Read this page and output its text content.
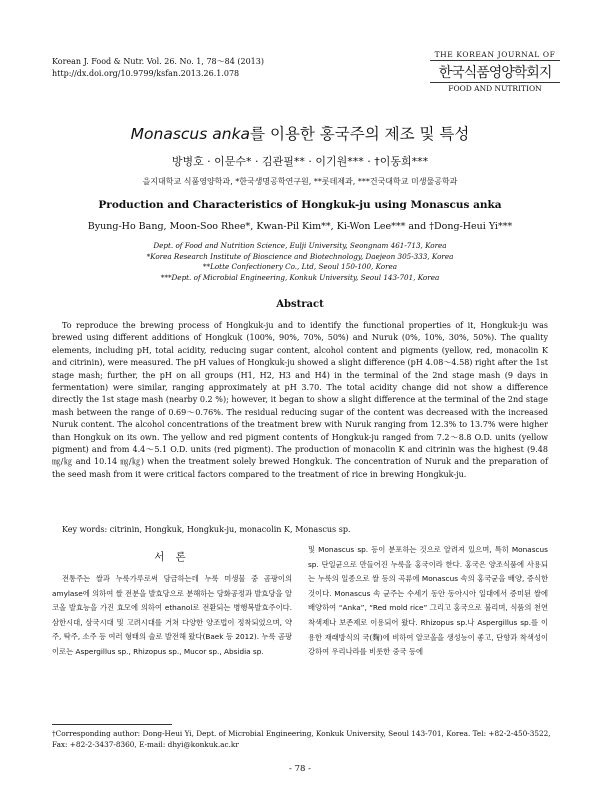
Korean J. Food & Nutr. Vol. 26. No. 1, 78～84 (2013)
http://dx.doi.org/10.9799/ksfan.2013.26.1.078
THE KOREAN JOURNAL OF
한국식품영양학회지
FOOD AND NUTRITION
Monascus anka를 이용한 홍국주의 제조 및 특성
방병호 · 이문수* · 김관필** · 이기원*** · †이동희***
을지대학교 식품영양학과, *한국생명공학연구원, **롯데제과, ***건국대학교 미생물공학과
Production and Characteristics of Hongkuk-ju using Monascus anka
Byung-Ho Bang, Moon-Soo Rhee*, Kwan-Pil Kim**, Ki-Won Lee*** and †Dong-Heui Yi***
Dept. of Food and Nutrition Science, Eulji University, Seongnam 461-713, Korea
*Korea Research Institute of Bioscience and Biotechnology, Daejeon 305-333, Korea
**Lotte Confectionery Co., Ltd, Seoul 150-100, Korea
***Dept. of Microbial Engineering, Konkuk University, Seoul 143-701, Korea
Abstract
To reproduce the brewing process of Hongkuk-ju and to identify the functional properties of it, Hongkuk-ju was brewed using different additions of Hongkuk (100%, 90%, 70%, 50%) and Nuruk (0%, 10%, 30%, 50%). The quality elements, including pH, total acidity, reducing sugar content, alcohol content and pigments (yellow, red, monacolin K and citrinin), were measured. The pH values of Hongkuk-ju showed a slight difference (pH 4.08～4.58) right after the 1st stage mash; further, the pH on all groups (H1, H2, H3 and H4) in the terminal of the 2nd stage mash (9 days in fermentation) were similar, ranging approximately at pH 3.70. The total acidity change did not show a difference directly the 1st stage mash (nearby 0.2 %); however, it began to show a slight difference at the terminal of the 2nd stage mash between the range of 0.69～0.76%. The residual reducing sugar of the content was decreased with the increased Nuruk content. The alcohol concentrations of the treatment brew with Nuruk ranging from 12.3% to 13.7% were higher than Hongkuk on its own. The yellow and red pigment contents of Hongkuk-ju ranged from 7.2～8.8 O.D. units (yellow pigment) and from 4.4～5.1 O.D. units (red pigment). The production of monacolin K and citrinin was the highest (9.48 ㎎/㎏ and 10.14 ㎎/㎏) when the treatment solely brewed Hongkuk. The concentration of Nuruk and the preparation of the seed mash from it were critical factors compared to the treatment of rice in brewing Hongkuk-ju.
Key words: citrinin, Hongkuk, Hongkuk-ju, monacolin K, Monascus sp.
서 론
전통주는 쌀과 누룩가루로써 담금하는데 누룩 미생물 중 곰팡이의 amylase에 의하여 쌀 전분을 발효당으로 분해하는 당화공정과 발효당을 알코올 발효능을 가진 효모에 의하여 ethanol로 전환되는 병행복발효주이다. 삼한시대, 삼국시대 및 고려시대를 거쳐 다양한 양조법이 정착되었으며, 약주, 탁주, 소주 등 여러 형태의 술로 발전해 왔다(Baek 등 2012). 누룩 곰팡이로는 Aspergillus sp., Rhizopus sp., Mucor sp., Absidia sp.
및 Monascus sp. 등이 분포하는 것으로 알려져 있으며, 특히 Monascus sp. 단일균으로 만들어진 누룩을 홍국이라 한다. 홍국은 양조식품에 사용되는 누룩의 일종으로 쌀 등의 곡류에 Monascus 속의 홍국균을 배양, 증식한 것이다. Monascus 속 균주는 수세기 동안 동아시아 일대에서 증미된 쌀에 배양하여 “Anka”, “Red mold rice” 그리고 홍국으로 불리며, 식품의 천연 착색제나 보존제로 이용되어 왔다. Rhizopus sp.나 Aspergillus sp.를 이용한 재래방식의 국(麴)에 비하여 알코올을 생성능이 좋고, 단향과 착색성이 강하여 우리나라를 비롯한 중국 등에
†Corresponding author: Dong-Heui Yi, Dept. of Microbial Engineering, Konkuk University, Seoul 143-701, Korea. Tel: +82-2-450-3522, Fax: +82-2-3437-8360, E-mail: dhyi@konkuk.ac.kr
- 78 -
